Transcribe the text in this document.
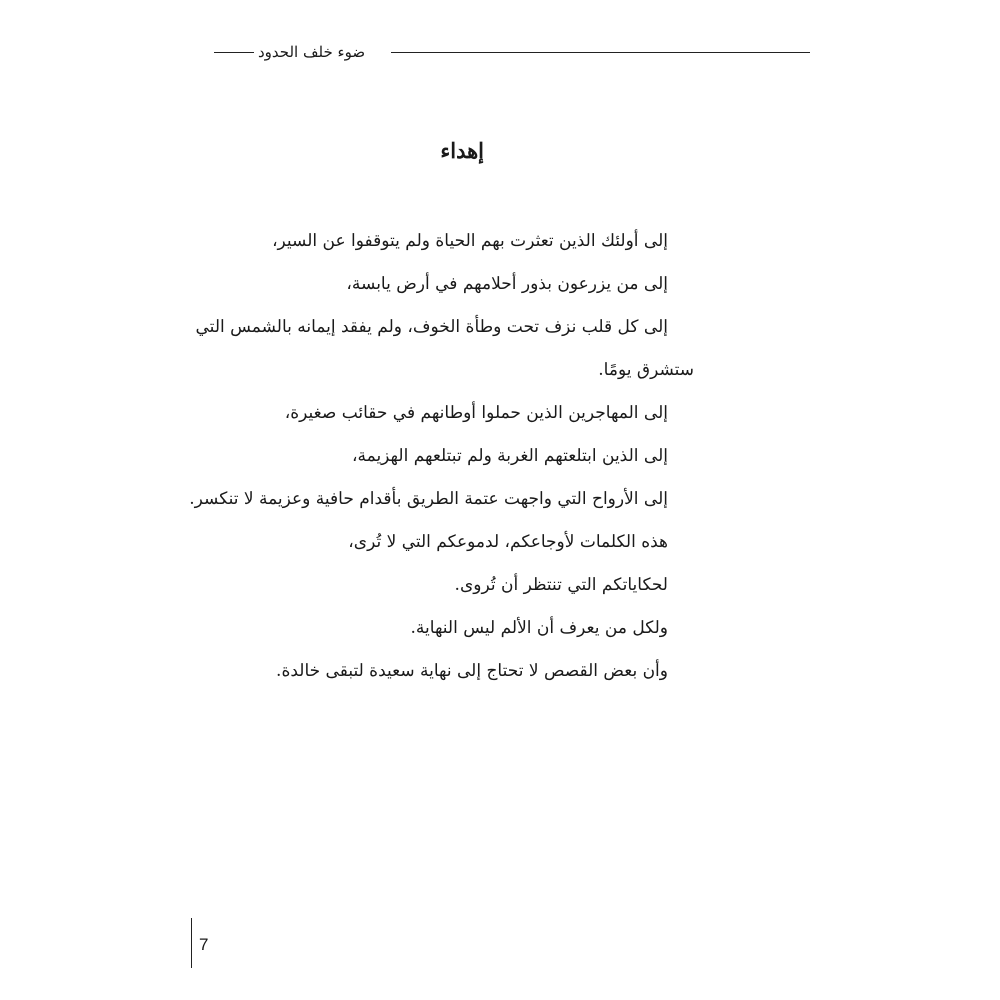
ضوء خلف الحدود
إهداء
إلى أولئك الذين تعثرت بهم الحياة ولم يتوقفوا عن السير،
إلى من يزرعون بذور أحلامهم في أرض يابسة،
إلى كل قلب نزف تحت وطأة الخوف، ولم يفقد إيمانه بالشمس التي
ستشرق يومًا.
إلى المهاجرين الذين حملوا أوطانهم في حقائب صغيرة،
إلى الذين ابتلعتهم الغربة ولم تبتلعهم الهزيمة،
إلى الأرواح التي واجهت عتمة الطريق بأقدام حافية وعزيمة لا تنكسر.
هذه الكلمات لأوجاعكم، لدموعكم التي لا تُرى،
لحكاياتكم التي تنتظر أن تُروى.
ولكل من يعرف أن الألم ليس النهاية.
وأن بعض القصص لا تحتاج إلى نهاية سعيدة لتبقى خالدة.
7
